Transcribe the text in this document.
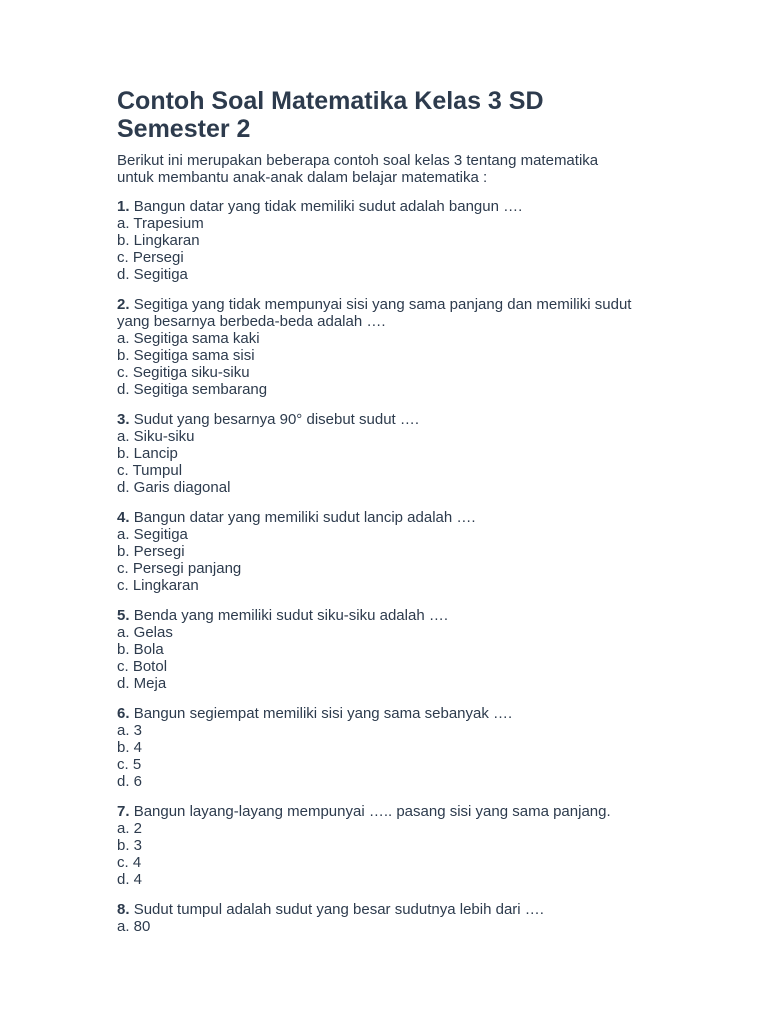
Contoh Soal Matematika Kelas 3 SD
Semester 2
Berikut ini merupakan beberapa contoh soal kelas 3 tentang matematika
untuk membantu anak-anak dalam belajar matematika :
1. Bangun datar yang tidak memiliki sudut adalah bangun ….
a. Trapesium
b. Lingkaran
c. Persegi
d. Segitiga
2. Segitiga yang tidak mempunyai sisi yang sama panjang dan memiliki sudut
yang besarnya berbeda-beda adalah ….
a. Segitiga sama kaki
b. Segitiga sama sisi
c. Segitiga siku-siku
d. Segitiga sembarang
3. Sudut yang besarnya 90° disebut sudut ….
a. Siku-siku
b. Lancip
c. Tumpul
d. Garis diagonal
4. Bangun datar yang memiliki sudut lancip adalah ….
a. Segitiga
b. Persegi
c. Persegi panjang
c. Lingkaran
5. Benda yang memiliki sudut siku-siku adalah ….
a. Gelas
b. Bola
c. Botol
d. Meja
6. Bangun segiempat memiliki sisi yang sama sebanyak ….
a. 3
b. 4
c. 5
d. 6
7. Bangun layang-layang mempunyai ….. pasang sisi yang sama panjang.
a. 2
b. 3
c. 4
d. 4
8. Sudut tumpul adalah sudut yang besar sudutnya lebih dari ….
a. 80
